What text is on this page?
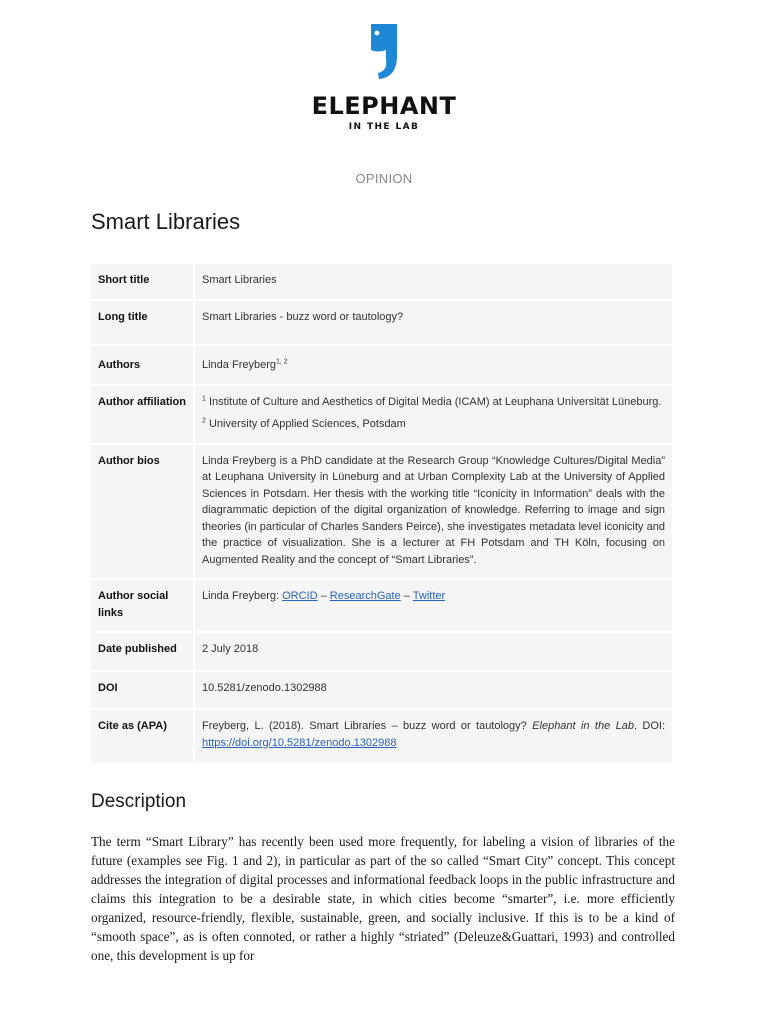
ELEPHANT
IN THE LAB
OPINION
Smart Libraries
Short title	Smart Libraries
Long title	Smart Libraries - buzz word or tautology?
Authors	Linda Freyberg$^{1, 2}$
Author affiliation	$^1$ Institute of Culture and Aesthetics of Digital Media (ICAM) at Leuphana Universität Lüneburg.
$^2$ University of Applied Sciences, Potsdam

Author bios	Linda Freyberg is a PhD candidate at the Research Group “Knowledge Cultures/Digital Media” at Leuphana University in Lüneburg and at Urban Complexity Lab at the University of Applied Sciences in Potsdam. Her thesis with the working title “Iconicity in Information” deals with the diagrammatic depiction of the digital organization of knowledge. Referring to image and sign theories (in particular of Charles Sanders Peirce), she investigates metadata level iconicity and the practice of visualization. She is a lecturer at FH Potsdam and TH Köln, focusing on Augmented Reality and the concept of “Smart Libraries”.
Author social links	Linda Freyberg: ORCID – ResearchGate – Twitter
Date published	2 July 2018
DOI	10.5281/zenodo.1302988
Cite as (APA)	Freyberg, L. (2018). Smart Libraries – buzz word or tautology? Elephant in the Lab. DOI: https://doi.org/10.5281/zenodo.1302988
Description

The term “Smart Library” has recently been used more frequently, for labeling a vision of libraries of the future (examples see Fig. 1 and 2), in particular as part of the so called “Smart City” concept. This concept addresses the integration of digital processes and informational feedback loops in the public infrastructure and claims this integration to be a desirable state, in which cities become “smarter”, i.e. more efficiently organized, resource-friendly, flexible, sustainable, green, and socially inclusive. If this is to be a kind of “smooth space”, as is often connoted, or rather a highly “striated” (Deleuze&Guattari, 1993) and controlled one, this development is up for
